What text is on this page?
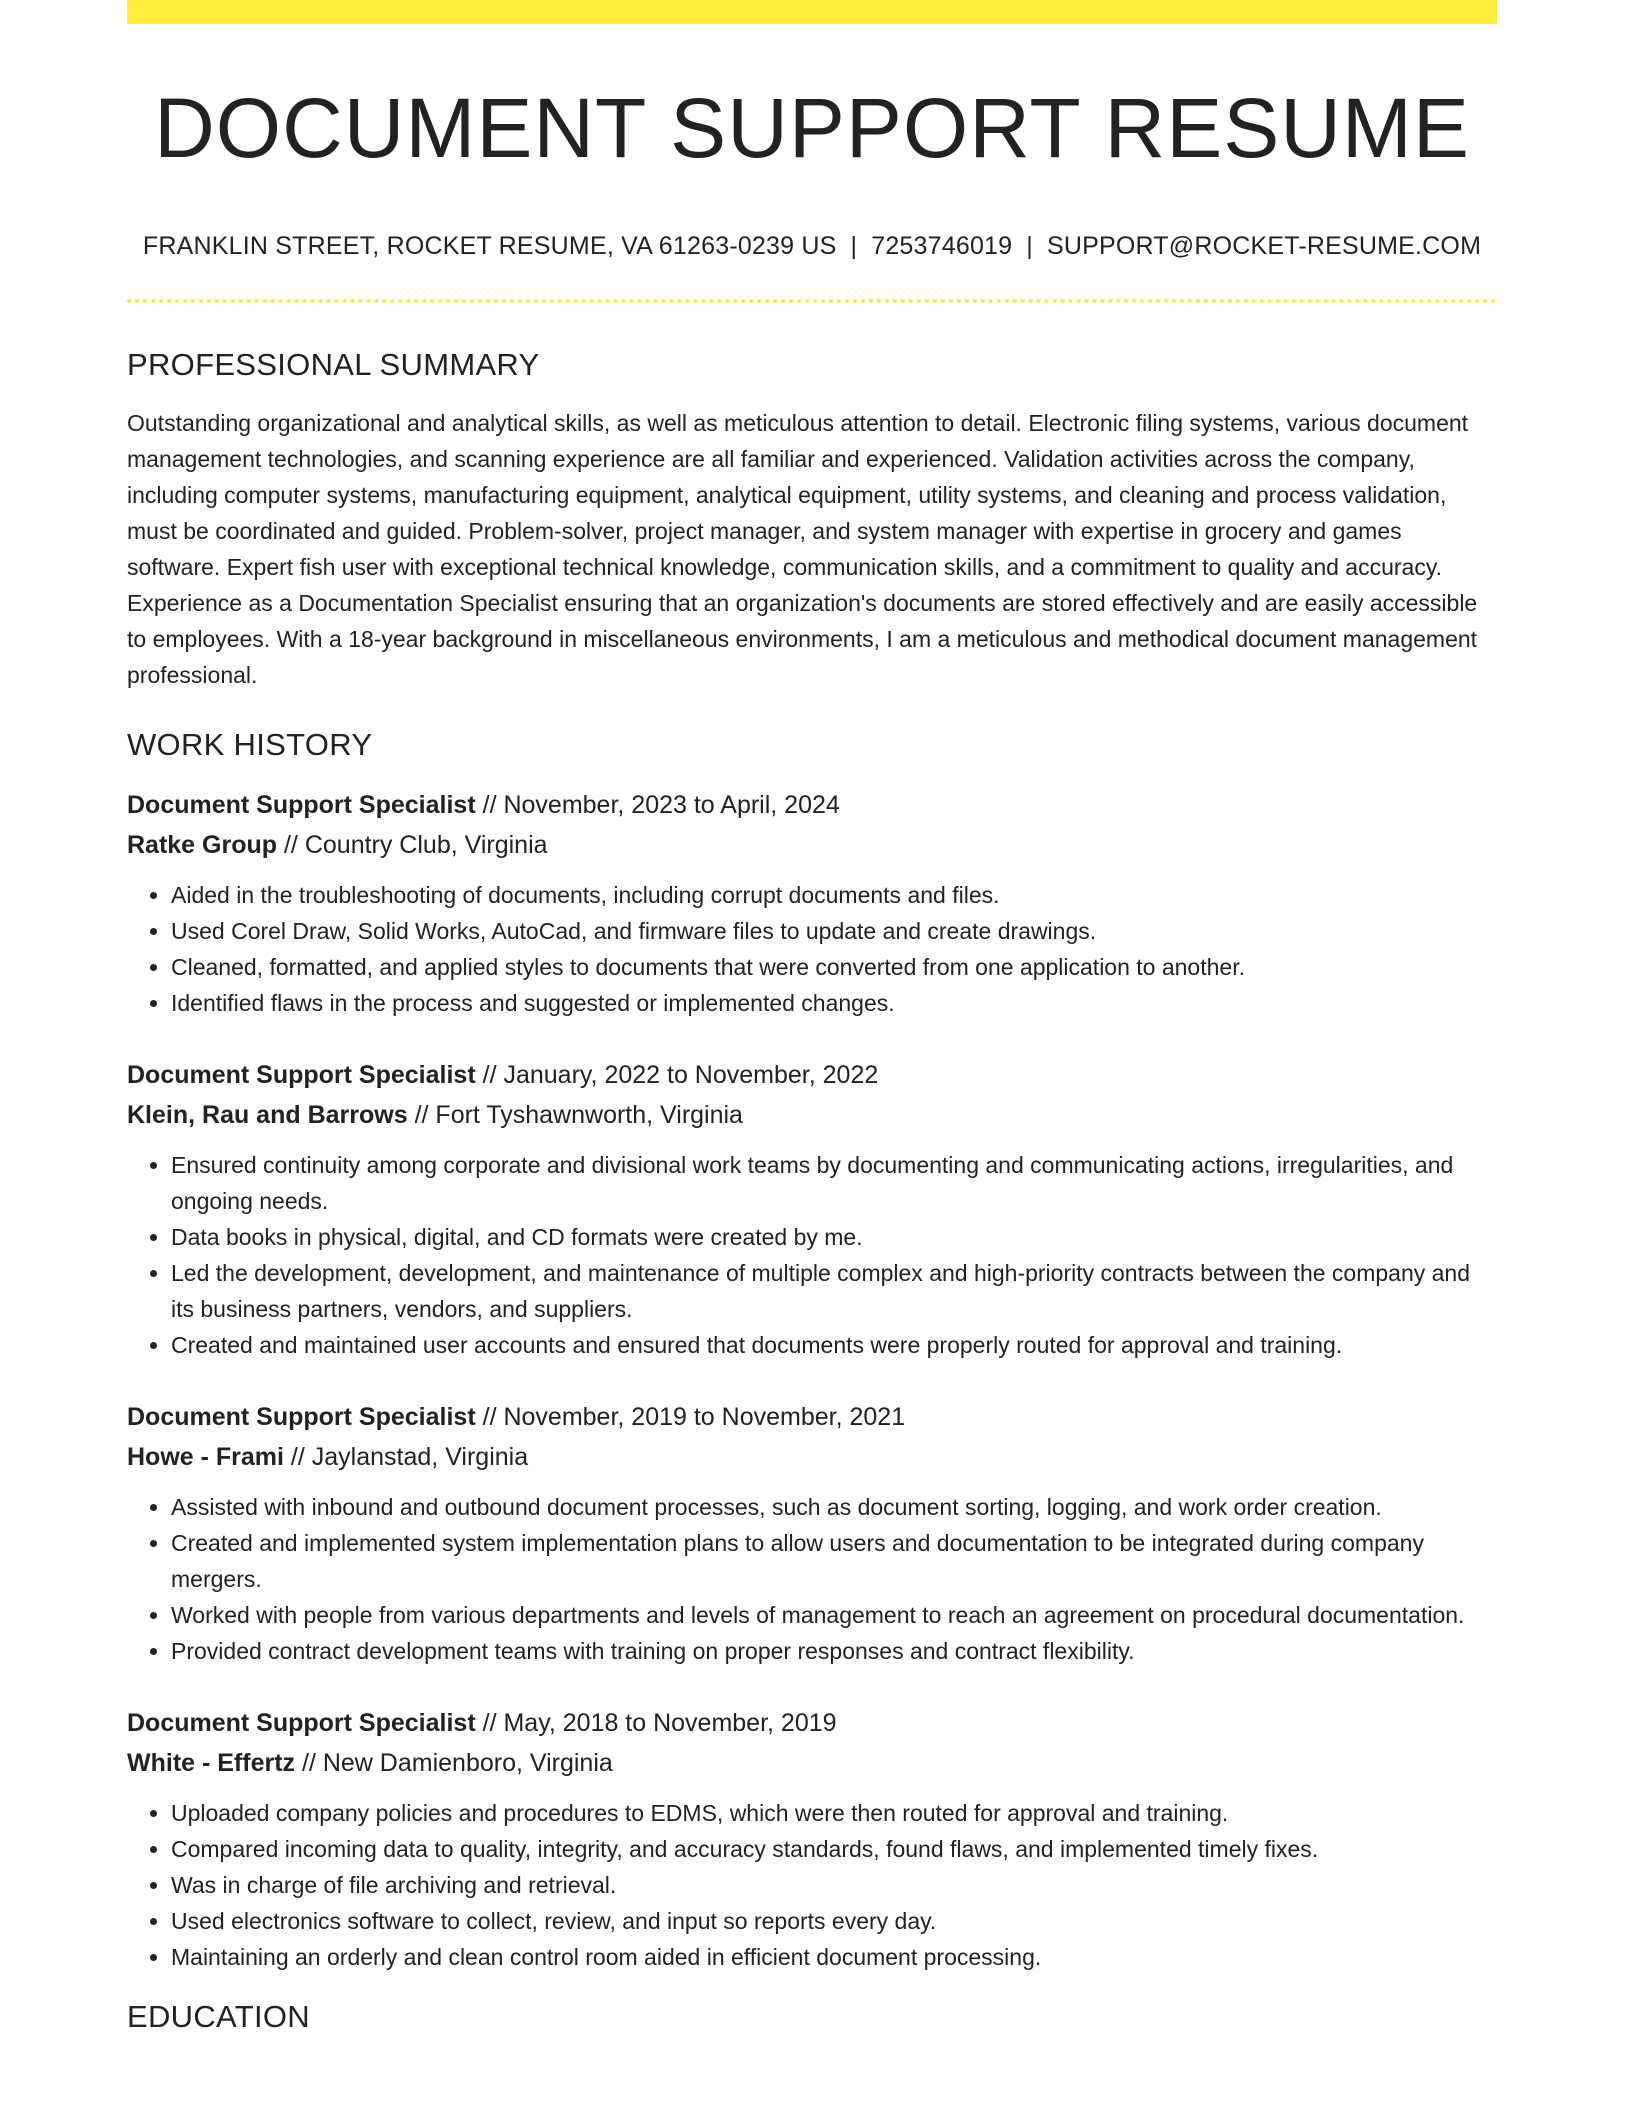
DOCUMENT SUPPORT RESUME
FRANKLIN STREET, ROCKET RESUME, VA 61263-0239 US | 7253746019 | SUPPORT@ROCKET-RESUME.COM
PROFESSIONAL SUMMARY

Outstanding organizational and analytical skills, as well as meticulous attention to detail. Electronic filing systems, various document management technologies, and scanning experience are all familiar and experienced. Validation activities across the company, including computer systems, manufacturing equipment, analytical equipment, utility systems, and cleaning and process validation, must be coordinated and guided. Problem-solver, project manager, and system manager with expertise in grocery and games software. Expert fish user with exceptional technical knowledge, communication skills, and a commitment to quality and accuracy. Experience as a Documentation Specialist ensuring that an organization's documents are stored effectively and are easily accessible to employees. With a 18-year background in miscellaneous environments, I am a meticulous and methodical document management professional.

WORK HISTORY
Document Support Specialist // November, 2023 to April, 2024
Ratke Group // Country Club, Virginia
• Aided in the troubleshooting of documents, including corrupt documents and files.
• Used Corel Draw, Solid Works, AutoCad, and firmware files to update and create drawings.
• Cleaned, formatted, and applied styles to documents that were converted from one application to another.
• Identified flaws in the process and suggested or implemented changes.
Document Support Specialist // January, 2022 to November, 2022
Klein, Rau and Barrows // Fort Tyshawnworth, Virginia
• Ensured continuity among corporate and divisional work teams by documenting and communicating actions, irregularities, and ongoing needs.
• Data books in physical, digital, and CD formats were created by me.
• Led the development, development, and maintenance of multiple complex and high-priority contracts between the company and its business partners, vendors, and suppliers.
• Created and maintained user accounts and ensured that documents were properly routed for approval and training.
Document Support Specialist // November, 2019 to November, 2021
Howe - Frami // Jaylanstad, Virginia
• Assisted with inbound and outbound document processes, such as document sorting, logging, and work order creation.
• Created and implemented system implementation plans to allow users and documentation to be integrated during company mergers.
• Worked with people from various departments and levels of management to reach an agreement on procedural documentation.
• Provided contract development teams with training on proper responses and contract flexibility.
Document Support Specialist // May, 2018 to November, 2019
White - Effertz // New Damienboro, Virginia
• Uploaded company policies and procedures to EDMS, which were then routed for approval and training.
• Compared incoming data to quality, integrity, and accuracy standards, found flaws, and implemented timely fixes.
• Was in charge of file archiving and retrieval.
• Used electronics software to collect, review, and input so reports every day.
• Maintaining an orderly and clean control room aided in efficient document processing.
EDUCATION
